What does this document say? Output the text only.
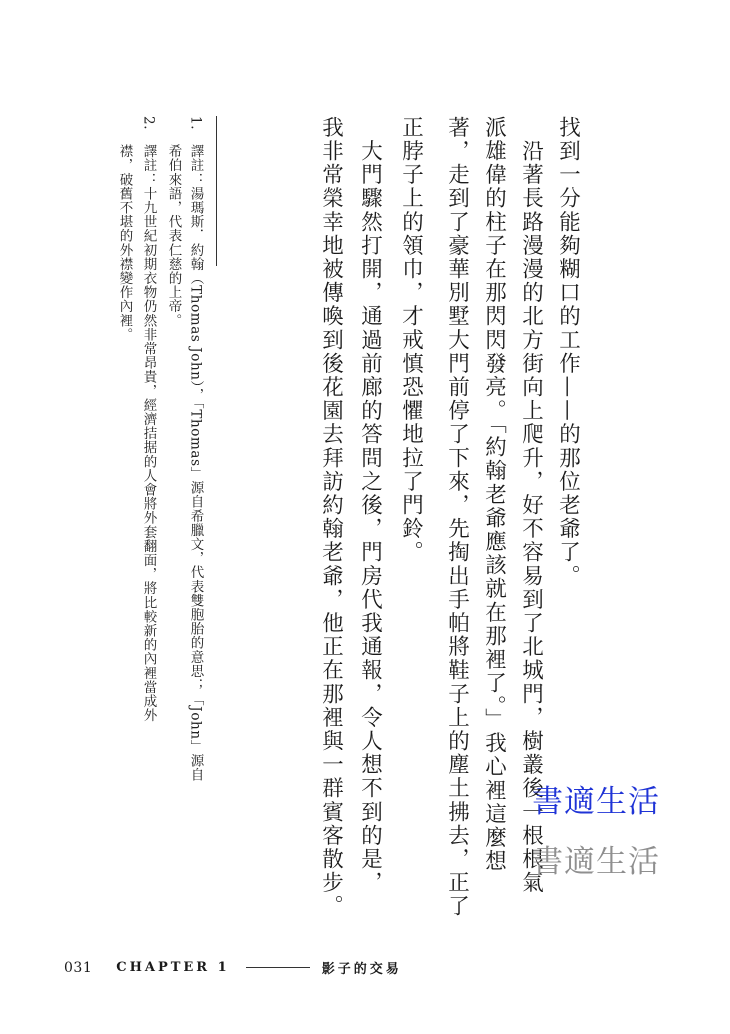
找到一分能夠糊口的工作——的那位老爺了。
　沿著長路漫漫的北方街向上爬升，好不容易到了北城門，樹叢後一根根氣
派雄偉的柱子在那閃閃發亮。「約翰老爺應該就在那裡了。」我心裡這麼想
著，走到了豪華別墅大門前停了下來，先掏出手帕將鞋子上的塵土拂去，正了
正脖子上的領巾，才戒慎恐懼地拉了門鈴。
　大門驟然打開，通過前廊的答問之後，門房代我通報，令人想不到的是，
我非常榮幸地被傳喚到後花園去拜訪約翰老爺，他正在那裡與一群賓客散步。
1.　譯註：湯瑪斯．約翰（Thomas John），「Thomas」源自希臘文，代表雙胞胎的意思；「John」源自
　　希伯來語，代表仁慈的上帝。
2.　譯註：十九世紀初期衣物仍然非常昂貴，經濟拮据的人會將外套翻面，將比較新的內裡當成外
　　襟，破舊不堪的外襟變作內裡。
書適生活
書適生活
031 CHAPTER 1	影子的交易
